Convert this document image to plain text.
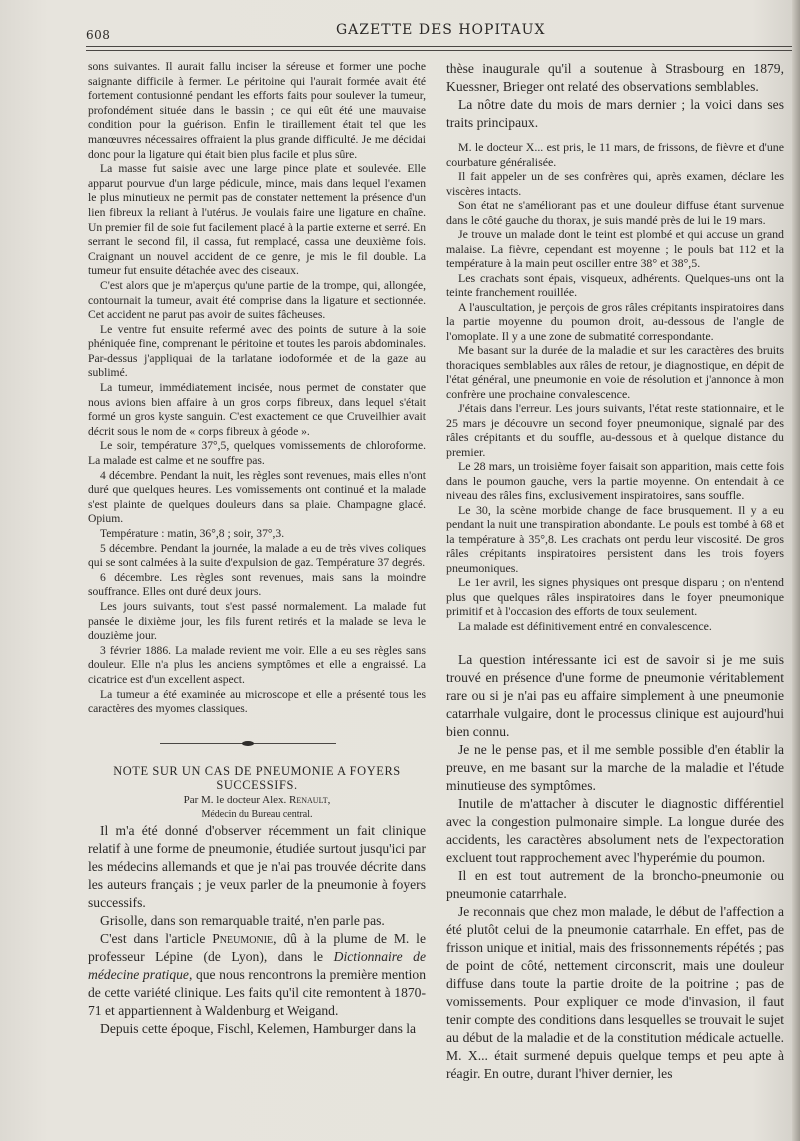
608	GAZETTE DES HOPITAUX

sons suivantes. Il aurait fallu inciser la séreuse et former une poche saignante difficile à fermer. Le péritoine qui l'aurait formée avait été fortement contusionné pendant les efforts faits pour soulever la tumeur, profondément située dans le bassin ; ce qui eût été une mauvaise condition pour la guérison. Enfin le tiraillement était tel que les manœuvres nécessaires offraient la plus grande difficulté. Je me décidai donc pour la ligature qui était bien plus facile et plus sûre.

La masse fut saisie avec une large pince plate et soulevée. Elle apparut pourvue d'un large pédicule, mince, mais dans lequel l'examen le plus minutieux ne permit pas de constater nettement la présence d'un lien fibreux la reliant à l'utérus. Je voulais faire une ligature en chaîne. Un premier fil de soie fut facilement placé à la partie externe et serré. En serrant le second fil, il cassa, fut remplacé, cassa une deuxième fois. Craignant un nouvel accident de ce genre, je mis le fil double. La tumeur fut ensuite détachée avec des ciseaux.

C'est alors que je m'aperçus qu'une partie de la trompe, qui, allongée, contournait la tumeur, avait été comprise dans la ligature et sectionnée. Cet accident ne parut pas avoir de suites fâcheuses.

Le ventre fut ensuite refermé avec des points de suture à la soie phéniquée fine, comprenant le péritoine et toutes les parois abdominales. Par-dessus j'appliquai de la tarlatane iodoformée et de la gaze au sublimé.

La tumeur, immédiatement incisée, nous permet de constater que nous avions bien affaire à un gros corps fibreux, dans lequel s'était formé un gros kyste sanguin. C'est exactement ce que Cruveilhier avait décrit sous le nom de « corps fibreux à géode ».

Le soir, température 37°,5, quelques vomissements de chloroforme. La malade est calme et ne souffre pas.

4 décembre. Pendant la nuit, les règles sont revenues, mais elles n'ont duré que quelques heures. Les vomissements ont continué et la malade s'est plainte de quelques douleurs dans sa plaie. Champagne glacé. Opium.

Température : matin, 36°,8 ; soir, 37°,3.

5 décembre. Pendant la journée, la malade a eu de très vives coliques qui se sont calmées à la suite d'expulsion de gaz. Température 37 degrés.

6 décembre. Les règles sont revenues, mais sans la moindre souffrance. Elles ont duré deux jours.

Les jours suivants, tout s'est passé normalement. La malade fut pansée le dixième jour, les fils furent retirés et la malade se leva le douzième jour.

3 février 1886. La malade revient me voir. Elle a eu ses règles sans douleur. Elle n'a plus les anciens symptômes et elle a engraissé. La cicatrice est d'un excellent aspect.

La tumeur a été examinée au microscope et elle a présenté tous les caractères des myomes classiques.

NOTE SUR UN CAS DE PNEUMONIE A FOYERS SUCCESSIFS.

Par M. le docteur Alex. Renault,

Médecin du Bureau central.

Il m'a été donné d'observer récemment un fait clinique relatif à une forme de pneumonie, étudiée surtout jusqu'ici par les médecins allemands et que je n'ai pas trouvée décrite dans les auteurs français ; je veux parler de la pneumonie à foyers successifs.

Grisolle, dans son remarquable traité, n'en parle pas.

C'est dans l'article Pneumonie, dû à la plume de M. le professeur Lépine (de Lyon), dans le Dictionnaire de médecine pratique, que nous rencontrons la première mention de cette variété clinique. Les faits qu'il cite remontent à 1870-71 et appartiennent à Waldenburg et Weigand.

Depuis cette époque, Fischl, Kelemen, Hamburger dans la

thèse inaugurale qu'il a soutenue à Strasbourg en 1879, Kuessner, Brieger ont relaté des observations semblables.

La nôtre date du mois de mars dernier ; la voici dans ses traits principaux.

M. le docteur X... est pris, le 11 mars, de frissons, de fièvre et d'une courbature généralisée.

Il fait appeler un de ses confrères qui, après examen, déclare les viscères intacts.

Son état ne s'améliorant pas et une douleur diffuse étant survenue dans le côté gauche du thorax, je suis mandé près de lui le 19 mars.

Je trouve un malade dont le teint est plombé et qui accuse un grand malaise. La fièvre, cependant est moyenne ; le pouls bat 112 et la température à la main peut osciller entre 38° et 38°,5.

Les crachats sont épais, visqueux, adhérents. Quelques-uns ont la teinte franchement rouillée.

A l'auscultation, je perçois de gros râles crépitants inspiratoires dans la partie moyenne du poumon droit, au-dessous de l'angle de l'omoplate. Il y a une zone de submatité correspondante.

Me basant sur la durée de la maladie et sur les caractères des bruits thoraciques semblables aux râles de retour, je diagnostique, en dépit de l'état général, une pneumonie en voie de résolution et j'annonce à mon confrère une prochaine convalescence.

J'étais dans l'erreur. Les jours suivants, l'état reste stationnaire, et le 25 mars je découvre un second foyer pneumonique, signalé par des râles crépitants et du souffle, au-dessous et à quelque distance du premier.

Le 28 mars, un troisième foyer faisait son apparition, mais cette fois dans le poumon gauche, vers la partie moyenne. On entendait à ce niveau des râles fins, exclusivement inspiratoires, sans souffle.

Le 30, la scène morbide change de face brusquement. Il y a eu pendant la nuit une transpiration abondante. Le pouls est tombé à 68 et la température à 35°,8. Les crachats ont perdu leur viscosité. De gros râles crépitants inspiratoires persistent dans les trois foyers pneumoniques.

Le 1er avril, les signes physiques ont presque disparu ; on n'entend plus que quelques râles inspiratoires dans le foyer pneumonique primitif et à l'occasion des efforts de toux seulement.

La malade est définitivement entré en convalescence.

La question intéressante ici est de savoir si je me suis trouvé en présence d'une forme de pneumonie véritablement rare ou si je n'ai pas eu affaire simplement à une pneumonie catarrhale vulgaire, dont le processus clinique est aujourd'hui bien connu.

Je ne le pense pas, et il me semble possible d'en établir la preuve, en me basant sur la marche de la maladie et l'étude minutieuse des symptômes.

Inutile de m'attacher à discuter le diagnostic différentiel avec la congestion pulmonaire simple. La longue durée des accidents, les caractères absolument nets de l'expectoration excluent tout rapprochement avec l'hyperémie du poumon.

Il en est tout autrement de la broncho-pneumonie ou pneumonie catarrhale.

Je reconnais que chez mon malade, le début de l'affection a été plutôt celui de la pneumonie catarrhale. En effet, pas de frisson unique et initial, mais des frissonnements répétés ; pas de point de côté, nettement circonscrit, mais une douleur diffuse dans toute la partie droite de la poitrine ; pas de vomissements. Pour expliquer ce mode d'invasion, il faut tenir compte des conditions dans lesquelles se trouvait le sujet au début de la maladie et de la constitution médicale actuelle. M. X... était surmené depuis quelque temps et peu apte à réagir. En outre, durant l'hiver dernier, les
